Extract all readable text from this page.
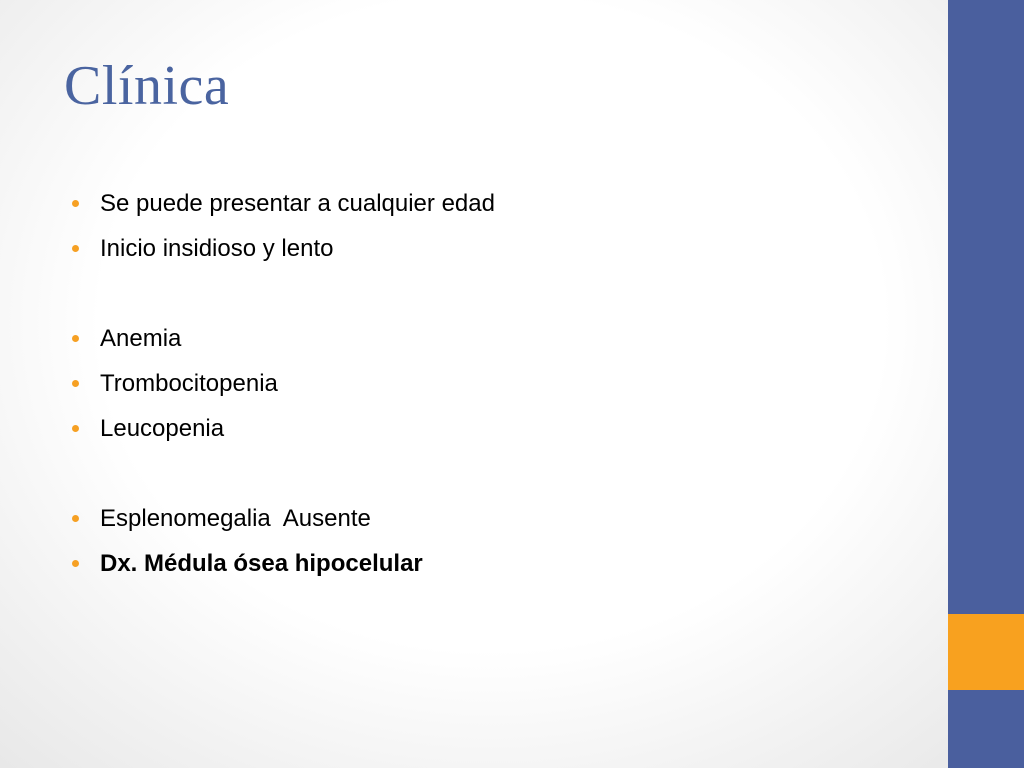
Clínica
Se puede presentar a cualquier edad
Inicio insidioso y lento
Anemia
Trombocitopenia
Leucopenia
Esplenomegalia  Ausente
Dx. Médula ósea hipocelular
